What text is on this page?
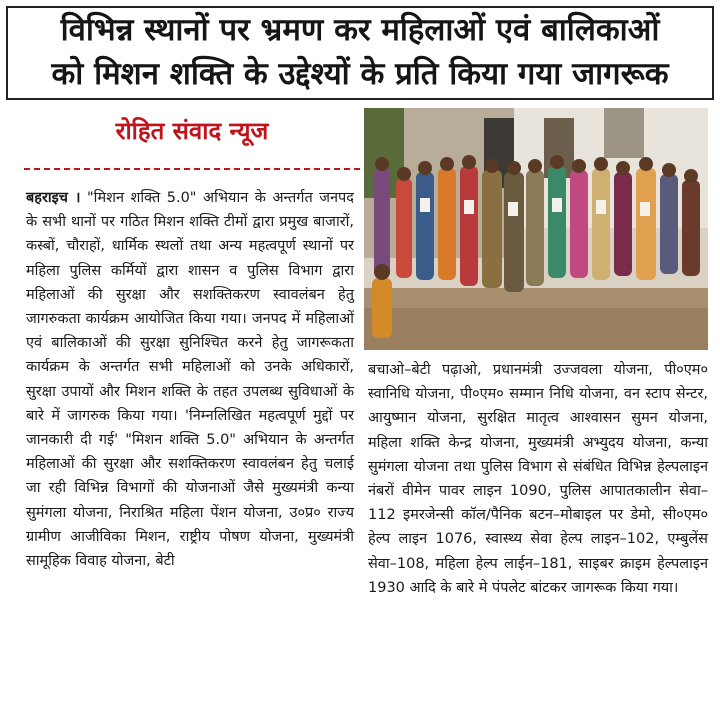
विभिन्न स्थानों पर भ्रमण कर महिलाओं एवं बालिकाओं
को मिशन शक्ति के उद्देश्यों के प्रति किया गया जागरूक
रोहित संवाद न्यूज

बहराइच । "मिशन शक्ति 5.0" अभियान के अन्तर्गत जनपद के सभी थानों पर गठित मिशन शक्ति टीमों द्वारा प्रमुख बाजारों, कस्बों, चौराहों, धार्मिक स्थलों तथा अन्य महत्वपूर्ण स्थानों पर महिला पुलिस कर्मियों द्वारा शासन व पुलिस विभाग द्वारा महिलाओं की सुरक्षा और सशक्तिकरण स्वावलंबन हेतु जागरुकता कार्यक्रम आयोजित किया गया। जनपद में महिलाओं एवं बालिकाओं की सुरक्षा सुनिश्चित करने हेतु जागरूकता कार्यक्रम के अन्तर्गत सभी महिलाओं को उनके अधिकारों, सुरक्षा उपायों और मिशन शक्ति के तहत उपलब्ध सुविधाओं के बारे में जागरुक किया गया। 'निम्नलिखित महत्वपूर्ण मुद्दों पर जानकारी दी गई' "मिशन शक्ति 5.0" अभियान के अन्तर्गत महिलाओं की सुरक्षा और सशक्तिकरण स्वावलंबन हेतु चलाई जा रही विभिन्न विभागों की योजनाओं जैसे मुख्यमंत्री कन्या सुमंगला योजना, निराश्रित महिला पेंशन योजना, उ०प्र० राज्य ग्रामीण आजीविका मिशन, राष्ट्रीय पोषण योजना, मुख्यमंत्री सामूहिक विवाह योजना, बेटी

बचाओ–बेटी पढ़ाओ, प्रधानमंत्री उज्जवला योजना, पी०एम० स्वानिधि योजना, पी०एम० सम्मान निधि योजना, वन स्टाप सेन्टर, आयुष्मान योजना, सुरक्षित मातृत्व आश्वासन सुमन योजना, महिला शक्ति केन्द्र योजना, मुख्यमंत्री अभ्युदय योजना, कन्या सुमंगला योजना तथा पुलिस विभाग से संबंधित विभिन्न हेल्पलाइन नंबरों वीमेन पावर लाइन 1090, पुलिस आपातकालीन सेवा–112 इमरजेन्सी कॉल/पैनिक बटन–मोबाइल पर डेमो, सी०एम० हेल्प लाइन 1076, स्वास्थ्य सेवा हेल्प लाइन–102, एम्बुलेंस सेवा–108, महिला हेल्प लाईन–181, साइबर क्राइम हेल्पलाइन 1930 आदि के बारे मे पंपलेट बांटकर जागरूक किया गया।
